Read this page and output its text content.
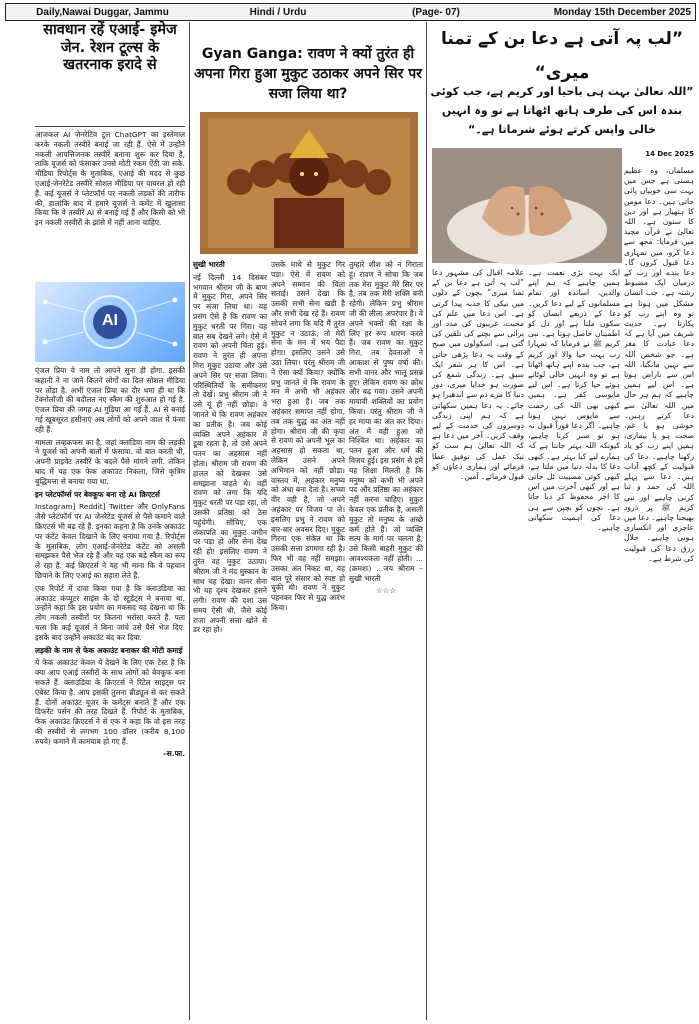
Daily,Nawai Duggar, Jammu	Hindi / Urdu	(Page- 07)	Monday 15th December 2025
सावधान रहें एआई- इमेज जेन. रेशन टूल्स के खतरनाक इरादे से

आजकल AI जेनरेटिव टूल ChatGPT का इस्तेमाल करके नकली तस्वीरें बनाई जा रही हैं. ऐसे में उन्होंने नकली आपत्तिजनक तस्वीरें बनाना शुरू कर दिया है, ताकि यूजर्स को फंसाकर उनसे मोटी रकम ऐंठी जा सके. मीडिया रिपोर्ट्स के मुताबिक, एआई की मदद से कुछ एआई-जेनरेटेड तस्वीरें सोशल मीडिया पर वायरल हो रही हैं. कई यूजर्स ने प्लेटफॉर्म पर नकली लड़कों की तारीफ की, हालांकि बाद में हमारे यूजर्स ने कमेंट में खुलासा किया कि ये तस्वीरें AI से बनाई गई हैं और किसी को भी इन नकली तस्वीरों के झांसे में नहीं आना चाहिए.

AI

एंजल प्रिया ये नाम तो आपने सुना ही होगा. इसकी कहानी ने ना जाने कितने लोगों का दिल सोशल मीडिया पर तोड़ा है. अभी एंजल प्रिया का दौर थमा ही था कि टेक्नोलॉजी की बदौलत नए स्कैम की शुरुआत हो गई है. एंजल प्रिया की जगह AI गुड़िया आ गई हैं. AI से बनाई गई खूबसूरत हसीनाएं अब लोगों को अपने जाल में फंसा रही हैं.

मामला लव्हकफस का है, जहां क्लाडिया नाम की लड़की ने यूजर्स को अपनी बातों में फंसाया. वो बात करती थी, अपनी प्राइवेट तस्वीरें के बदले पैसे मांगने लगी. लेकिन बाद में यह एक फेक अकाउंट निकला, जिसे कृत्रिम बुद्धिमत्ता से बनाया गया था.

इन प्लेटफॉर्म्स पर बेवकूफ बना रहे AI क्रिएटर्स

Instagram] Reddit] Twitter और OnlyFans जैसे प्लेटफॉर्म पर AI जेनरेटेड यूजर्स से पैसे कमाने वाले क्रिएटर्स भी बढ़ रहे हैं. इनका कहना है कि उनके अकाउंट पर कंटेंट केवल दिखाने के लिए बनाया गया है. रिपोर्ट्स के मुताबिक, लोग एआई-जेनरेटेड कंटेंट को असली समझकर पैसे भेज रहे हैं और यह एक बड़े स्कैम का रूप ले रहा है. कई क्रिएटर्स ने यह भी माना कि वे पहचान छिपाने के लिए एआई का सहारा लेते हैं.

एक रिपोर्ट में दावा किया गया है कि क्लाउडिया का अकाउंट कंप्यूटर साइंस के दो स्टूडेंट्स ने बनाया था. उन्होंने कहा कि इस प्रयोग का मकसद यह देखना था कि लोग नकली तस्वीरों पर कितना भरोसा करते हैं. पता चला कि कई यूजर्स ने बिना जांचे उसे पैसे भेज दिए. इसके बाद उन्होंने अकाउंट बंद कर दिया.

लड़की के नाम से फेक अकाउंट बनाकर की मोटी कमाई

ये फेक अकाउंट केवल ये देखने के लिए एक टेस्ट है कि क्या आप एआई तस्वीरों के साथ लोगों को बेवकूफ बना सकते हैं. क्लाउडिया के क्रिएटर्स ने रिटेल साइट्स पर एंबेस्ट किया है. आप इसकी तुलना ब्रीड्यूल से कर सकते हैं. दोनों अकाउंट यूजर के कमेंट्स बनाते हैं और एक डिफरेंट पर्सन की तरह दिखते हैं. रिपोर्ट के मुताबिक, फेक अकाउंट क्रिएटर्स ने से एक ने कहा कि वो इस तरह की तस्वीरों से लगभग 100 डॉलर (करीब 8,100 रुपये) कमाने में कामयाब हो गए हैं.

–स.फा.

Gyan Ganga: रावण ने क्यों तुरंत ही अपना गिरा हुआ मुकुट उठाकर अपने सिर पर सजा लिया था?

सुखी भारती

नई दिल्ली 14 दिसंबर भगवान श्रीराम जी के बाण में मुकुट गिरा, अपने सिर पर सजा लिया था। यह प्रसंग ऐसे है कि रावण का मुकुट धरती पर गिरा। वह बात सब देखने लगे। ऐसे में रावण को अपनी चिंता हुई। रावण ने तुरंत ही अपना गिरा मुकुट उठाया और उसे अपने सिर पर सजा लिया। परिस्थितियों के समीकरण तो देखें। प्रभु श्रीराम जी ने उसे यूं ही नहीं छोड़ा। वे जानते थे कि रावण अहंकार का प्रतीक है। जब कोई व्यक्ति अपने अहंकार में डूबा रहता है, तो उसे अपने पतन का अहसास नहीं होता। श्रीराम जी रावण की हालत को देखकर उसे समझाना चाहते थे। वहीं रावण को लगा कि यदि मुकुट धरती पर पड़ा रहा, तो उसकी प्रतिष्ठा को ठेस पहुंचेगी। सोचिए, एक लंकापति का मुकुट जमीन पर पड़ा हो और सेना देख रही हो! इसलिए रावण ने तुरंत वह मुकुट उठाया। श्रीराम जी ने मंद मुस्कान के साथ यह देखा। वानर सेना भी यह दृश्य देखकर हंसने लगी। रावण की दशा उस समय ऐसी थी, जैसे कोई राजा अपनी सत्ता खोने से डर रहा हो।

उसके माथे से मुकुट गिर पड़ा। ऐसे में रावण को अपने सम्मान की चिंता सताई। उसने देखा कि उसकी सभी सेना खड़ी है और सभी देख रहे हैं। रावण सोचने लगा कि यदि मैं तुरंत मुकुट न उठाऊं, तो मेरी सेना के मन में भय पैदा होगा। इसलिए उसने उसे उठा लिया। परंतु श्रीराम जी ने ऐसा क्यों किया? क्योंकि प्रभु जानते थे कि रावण के मन में अभी भी अहंकार भरा हुआ है। जब तक अहंकार समाप्त नहीं होगा, तब तक युद्ध का अंत नहीं होगा। श्रीराम जी की कृपा से रावण को अपनी भूल का अहसास हो सकता था, लेकिन उसने अपने अभिमान को नहीं छोड़ा। वास्तव में, अहंकार मनुष्य को अंधा बना देता है। सच्चा वीर वही है, जो अपने अहंकार पर विजय पा ले। इसलिए प्रभु ने रावण को बार-बार अवसर दिए। मुकुट गिरना एक संकेत था कि उसकी सत्ता डगमगा रही है। फिर भी वह नहीं समझा। उसका अंत निकट था, यह बात पूरे संसार को स्पष्ट हो चुकी थी। रावण ने मुकुट पहनकर फिर से युद्ध आरंभ किया।

तुम्हारे शीश को न गिराता हूं। रावण ने सोचा कि जब तक मेरा मुकुट मेरे सिर पर है, तब तक मेरी शक्ति बनी रहेगी। लेकिन प्रभु श्रीराम जी की लीला अपरंपार है। वे अपने भक्तों की रक्षा के लिए हर रूप धारण करते हैं। जब रावण का मुकुट गिरा, तब देवताओं ने आकाश से पुष्प वर्षा की। सभी वानर और भालू प्रसन्न हुए। लेकिन रावण का क्रोध और बढ़ गया। उसने अपनी मायावी शक्तियों का प्रयोग किया। परंतु श्रीराम जी ने हर माया का अंत कर दिया। अंत में वही हुआ जो निश्चित था। अहंकार का पतन हुआ और धर्म की विजय हुई। इस प्रसंग से हमें यह शिक्षा मिलती है कि मनुष्य को कभी भी अपने पद और प्रतिष्ठा का अहंकार नहीं करना चाहिए। मुकुट केवल एक प्रतीक है, असली मुकुट तो मनुष्य के अच्छे कर्म होते हैं। जो व्यक्ति सत्य के मार्ग पर चलता है, उसे किसी बाहरी मुकुट की आवश्यकता नहीं होती। ... (क्रमशः) ...जय श्रीराम –सुखी भारती

☆☆☆

”لب پہ آتی ہے دعا بن کے تمنا میری“
”اللہ تعالیٰ بہت ہی باحیا اور کریم ہے، جب کوئی بندہ اس کی طرف ہاتھ اٹھاتا ہے تو وہ انہیں خالی واپس کرتے ہوئے شرماتا ہے۔“
14 Dec 2025

مسلمان، وہ عظیم ہستی ہے جس میں بہت سی خوبیاں پائی جاتی ہیں۔ دعا مومن کا ہتھیار ہے اور دین کا ستون ہے۔ اللہ تعالیٰ نے قرآن مجید میں فرمایا: مجھ سے دعا کرو، میں تمہاری دعا قبول کروں گا۔ دعا بندے اور رب کے درمیان ایک مضبوط رشتہ ہے۔ جب انسان مشکل میں ہوتا ہے تو وہ اپنے رب کو پکارتا ہے۔ حدیث شریف میں آیا ہے کہ دعا عبادت کا مغز ہے۔ جو شخص اللہ سے نہیں مانگتا، اللہ اس سے ناراض ہوتا ہے۔ اس لیے ہمیں چاہیے کہ ہم ہر حال میں اللہ تعالیٰ سے دعا کرتے رہیں۔ خوشی ہو یا غم، صحت ہو یا بیماری، ہمیں اپنے رب کو یاد رکھنا چاہیے۔ دعا کی قبولیت کے کچھ آداب ہیں۔ دعا سے پہلے اللہ کی حمد و ثنا کرنی چاہیے اور نبی کریم ﷺ پر درود بھیجنا چاہیے۔ دعا میں عاجزی اور انکساری ہونی چاہیے۔ حلال رزق دعا کی قبولیت کی شرط ہے۔

علامہ اقبال کی مشہور دعا ”لب پہ آتی ہے دعا بن کے تمنا میری“ بچوں کے دلوں میں نیکی کا جذبہ پیدا کرتی ہے۔ اس دعا میں علم کی محبت، غریبوں کی مدد اور برائی سے بچنے کی تلقین کی گئی ہے۔ اسکولوں میں صبح کے وقت یہ دعا پڑھی جاتی ہے۔ اس کا ہر شعر ایک سبق ہے۔ زندگی شمع کی صورت ہو خدایا میری، دور دنیا کا مرے دم سے اندھیرا ہو جائے۔ یہ دعا ہمیں سکھاتی ہے کہ ہم اپنی زندگی دوسروں کی خدمت کے لیے وقف کریں۔ آخر میں دعا ہے کہ اللہ تعالیٰ ہم سب کو نیک عمل کی توفیق عطا فرمائے اور ہماری دعاؤں کو قبول فرمائے۔ آمین۔

ایک بہت بڑی نعمت ہے۔ ہمیں چاہیے کہ ہم اپنے والدین، اساتذہ اور تمام مسلمانوں کے لیے دعا کریں۔ دعا کے ذریعے انسان کو سکون ملتا ہے اور دل کو اطمینان حاصل ہوتا ہے۔ نبی کریم ﷺ نے فرمایا کہ تمہارا رب بہت حیا والا اور کریم ہے، جب بندہ اپنے ہاتھ اٹھاتا ہے تو وہ انہیں خالی لوٹاتے ہوئے حیا کرتا ہے۔ اس لیے مایوسی کفر ہے۔ ہمیں کبھی بھی اللہ کی رحمت سے مایوس نہیں ہونا چاہیے۔ اگر دعا فوراً قبول نہ ہو تو صبر کرنا چاہیے، کیونکہ اللہ بہتر جانتا ہے کہ ہمارے لیے کیا بہتر ہے۔ کبھی دعا کا بدلہ دنیا میں ملتا ہے، کبھی کوئی مصیبت ٹل جاتی ہے اور کبھی آخرت میں اس کا اجر محفوظ کر دیا جاتا ہے۔ بچوں کو بچپن سے ہی دعا کی اہمیت سکھانی چاہیے۔
